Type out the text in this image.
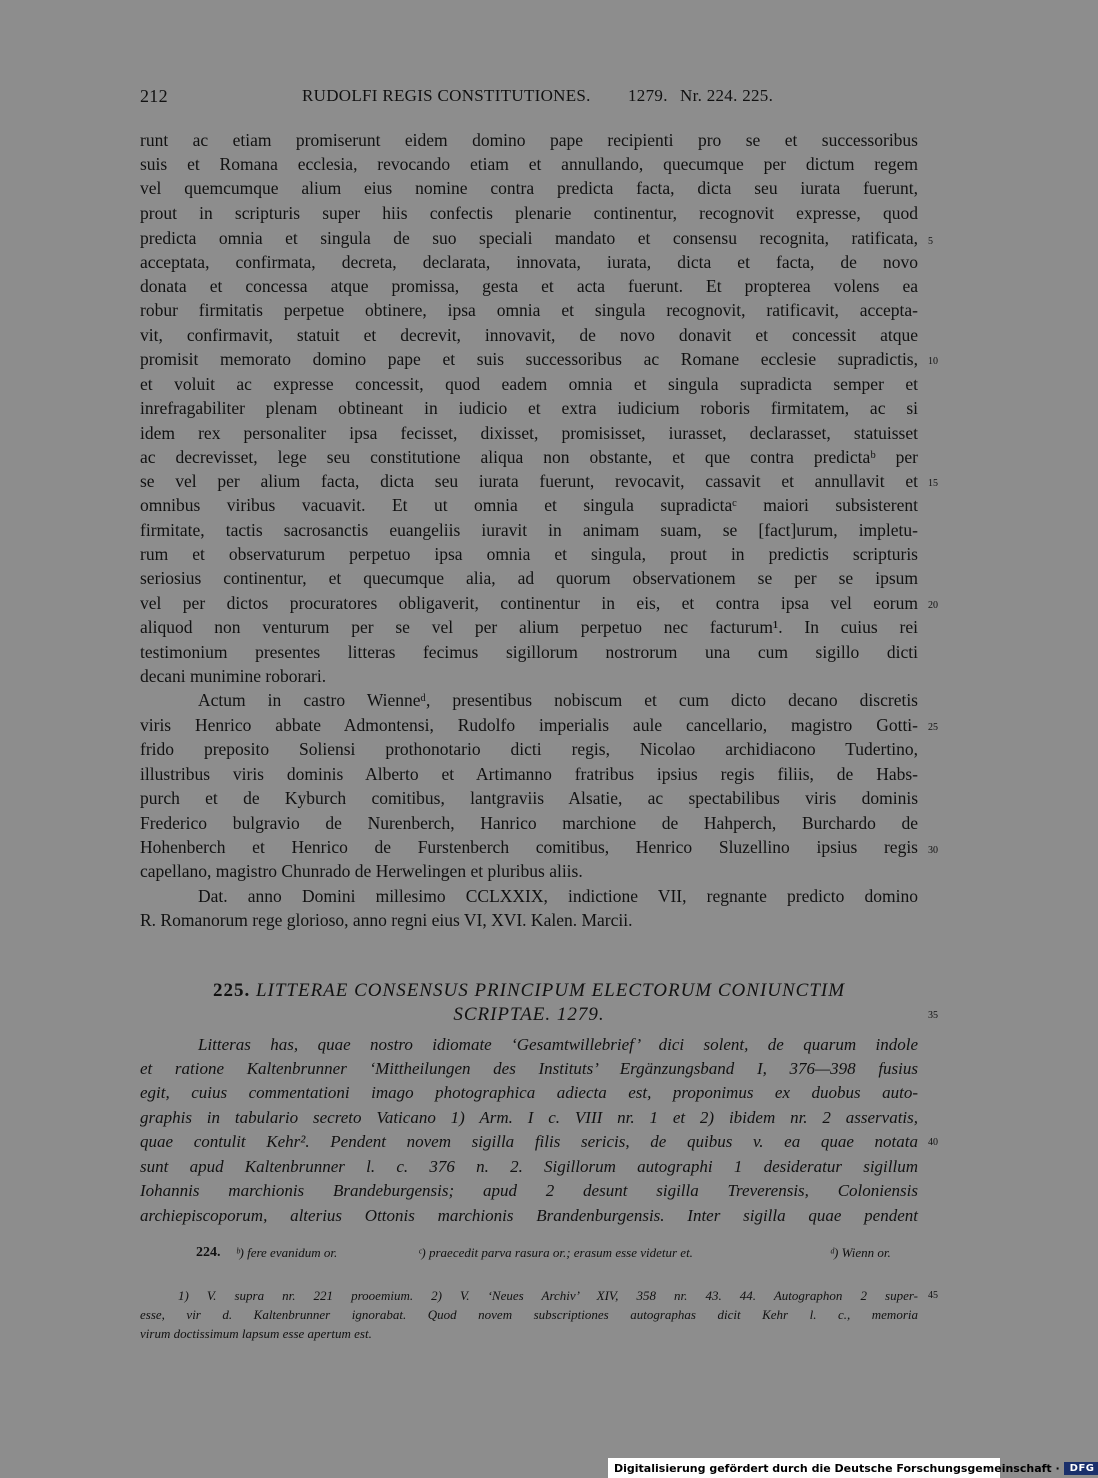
212	RUDOLFI REGIS CONSTITUTIONES. 1279. Nr. 224. 225.
runt ac etiam promiserunt eidem domino pape recipienti pro se et successoribus
suis et Romana ecclesia, revocando etiam et annullando, quecumque per dictum regem
vel quemcumque alium eius nomine contra predicta facta, dicta seu iurata fuerunt,
prout in scripturis super hiis confectis plenarie continentur, recognovit expresse, quod
predicta omnia et singula de suo speciali mandato et consensu recognita, ratificata,
acceptata, confirmata, decreta, declarata, innovata, iurata, dicta et facta, de novo
donata et concessa atque promissa, gesta et acta fuerunt. Et propterea volens ea
robur firmitatis perpetue obtinere, ipsa omnia et singula recognovit, ratificavit, accepta-
vit, confirmavit, statuit et decrevit, innovavit, de novo donavit et concessit atque
promisit memorato domino pape et suis successoribus ac Romane ecclesie supradictis,
et voluit ac expresse concessit, quod eadem omnia et singula supradicta semper et
inrefragabiliter plenam obtineant in iudicio et extra iudicium roboris firmitatem, ac si
idem rex personaliter ipsa fecisset, dixisset, promisisset, iurasset, declarasset, statuisset
ac decrevisset, lege seu constitutione aliqua non obstante, et que contra predictaᵇ per
se vel per alium facta, dicta seu iurata fuerunt, revocavit, cassavit et annullavit et
omnibus viribus vacuavit. Et ut omnia et singula supradictaᶜ maiori subsisterent
firmitate, tactis sacrosanctis euangeliis iuravit in animam suam, se [fact]urum, impletu-
rum et observaturum perpetuo ipsa omnia et singula, prout in predictis scripturis
seriosius continentur, et quecumque alia, ad quorum observationem se per se ipsum
vel per dictos procuratores obligaverit, continentur in eis, et contra ipsa vel eorum
aliquod non venturum per se vel per alium perpetuo nec facturum¹. In cuius rei
testimonium presentes litteras fecimus sigillorum nostrorum una cum sigillo dicti
decani muniminе roborari.
Actum in castro Wienneᵈ, presentibus nobiscum et cum dicto decano discretis
viris Henrico abbate Admontensi, Rudolfo imperialis aule cancellario, magistro Gotti-
frido preposito Soliensi prothonotario dicti regis, Nicolao archidiacono Tudertino,
illustribus viris dominis Alberto et Artimanno fratribus ipsius regis filiis, de Habs-
purch et de Kyburch comitibus, lantgraviis Alsatie, ac spectabilibus viris dominis
Frederico bulgravio de Nurenberch, Hanrico marchione de Hahperch, Burchardo de
Hohenberch et Henrico de Furstenberch comitibus, Henrico Sluzellino ipsius regis
capellano, magistro Chunrado de Herwelingen et pluribus aliis.
Dat. anno Domini millesimo CCLXXIX, indictione VII, regnante predicto domino
R. Romanorum rege glorioso, anno regni eius VI, XVI. Kalen. Marcii.
5
10
15
20
25
30
35
40
45
225. LITTERAE CONSENSUS PRINCIPUM ELECTORUM CONIUNCTIM
SCRIPTAE. 1279.
Litteras has, quae nostro idiomate ‘Gesamtwillebrief’ dici solent, de quarum indole
et ratione Kaltenbrunner ‘Mittheilungen des Instituts’ Ergänzungsband I, 376—398 fusius
egit, cuius commentationi imago photographica adiecta est, proponimus ex duobus auto-
graphis in tabulario secreto Vaticano 1) Arm. I c. VIII nr. 1 et 2) ibidem nr. 2 asservatis,
quae contulit Kehr². Pendent novem sigilla filis sericis, de quibus v. ea quae notata
sunt apud Kaltenbrunner l. c. 376 n. 2. Sigillorum autographi 1 desideratur sigillum
Iohannis marchionis Brandeburgensis; apud 2 desunt sigilla Treverensis, Coloniensis
archiepiscoporum, alterius Ottonis marchionis Brandenburgensis. Inter sigilla quae pendent
224. ᵇ) fere evanidum or.	ᶜ) praecedit parva rasura or.; erasum esse videtur et.	ᵈ) Wienn or.
1) V. supra nr. 221 prooemium. 2) V. ‘Neues Archiv’ XIV, 358 nr. 43. 44. Autographon 2 super-
esse, vir d. Kaltenbrunner ignorabat. Quod novem subscriptiones autographas dicit Kehr l. c., memoria
virum doctissimum lapsum esse apertum est.
Digitalisierung gefördert durch die Deutsche Forschungsgemeinschaft ·	DFG
